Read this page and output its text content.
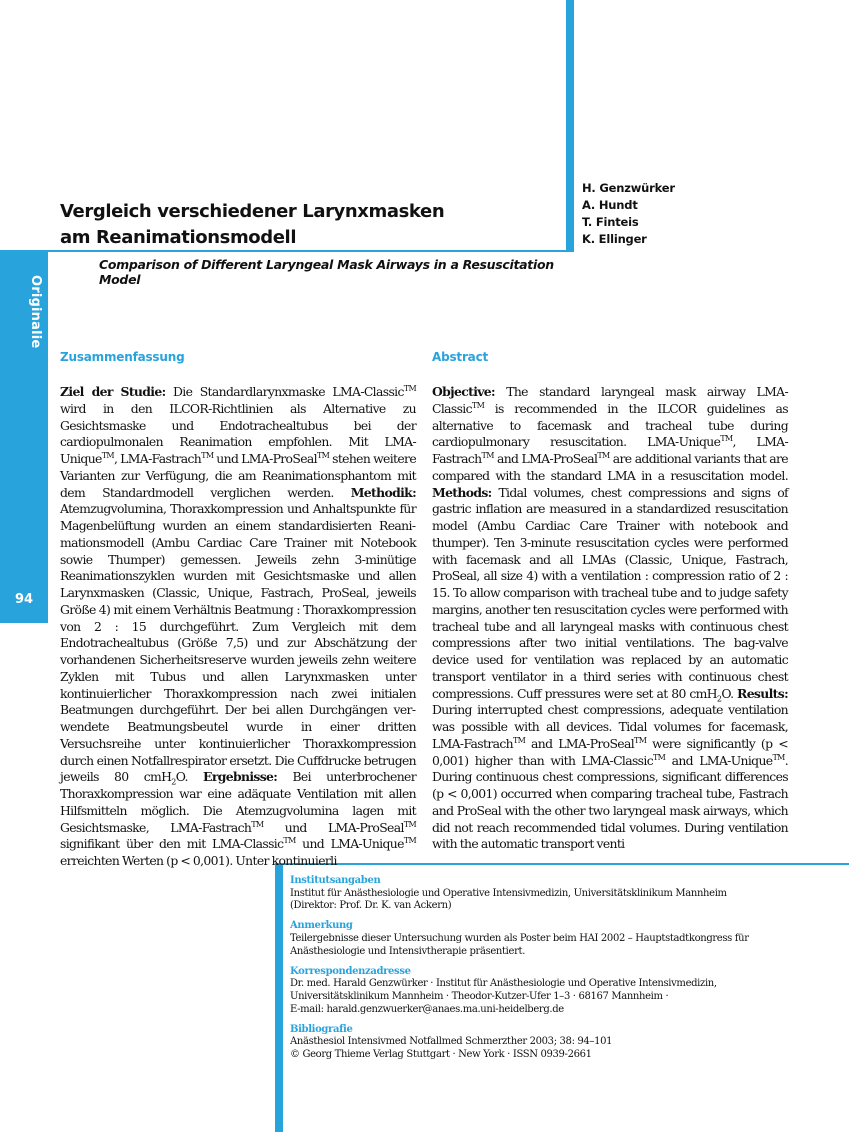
Originalie
94
Vergleich verschiedener Larynxmasken
am Reanimationsmodell
Comparison of Different Laryngeal Mask Airways in a Resuscitation Model
H. Genzwürker
A. Hundt
T. Finteis
K. Ellinger
Zusammenfassung

Ziel der Studie: Die Standardlarynxmaske LMA-Classic™ wird in den ILCOR-Richtlinien als Alternative zu Gesichtsmaske und Endotrachealtubus bei der cardiopulmonalen Reanimation empfohlen. Mit LMA-Unique™, LMA-Fastrach™ und LMA-ProSeal™ stehen weitere Varianten zur Verfügung, die am Reanimationsphantom mit dem Standardmodell verglichen werden. Methodik: Atemzugvolumina, Thoraxkompression und Anhaltspunkte für Magenbelüftung wurden an einem standardisierten Reanimationsmodell (Ambu Cardiac Care Trainer mit Notebook sowie Thumper) gemessen. Jeweils zehn 3-minütige Reanimationszyklen wurden mit Gesichtsmaske und allen Larynxmasken (Classic, Unique, Fastrach, ProSeal, jeweils Größe 4) mit einem Verhältnis Beatmung : Thoraxkompression von 2 : 15 durchgeführt. Zum Vergleich mit dem Endotrachealtubus (Größe 7,5) und zur Abschätzung der vorhandenen Sicherheitsreserve wurden jeweils zehn weitere Zyklen mit Tubus und allen Larynxmasken unter kontinuierlicher Thoraxkompression nach zwei initialen Beatmungen durchgeführt. Der bei allen Durchgängen verwendete Beatmungsbeutel wurde in einer dritten Versuchsreihe unter kontinuierlicher Thoraxkompression durch einen Notfallrespirator ersetzt. Die Cuffdrucke betrugen jeweils 80 cmH$_2$O. Ergebnisse: Bei unterbrochener Thoraxkompression war eine adäquate Ventilation mit allen Hilfsmitteln möglich. Die Atemzugvolumina lagen mit Gesichtsmaske, LMA-Fastrach™ und LMA-ProSeal™ signifikant über den mit LMA-Classic™ und LMA-Unique™ erreichten Werten (p < 0,001). Unter kontinuierli

Abstract

Objective: The standard laryngeal mask airway LMA-Classic™ is recommended in the ILCOR guidelines as alternative to facemask and tracheal tube during cardiopulmonary resuscitation. LMA-Unique™, LMA-Fastrach™ and LMA-ProSeal™ are additional variants that are compared with the standard LMA in a resuscitation model. Methods: Tidal volumes, chest compressions and signs of gastric inflation are measured in a standardized resuscitation model (Ambu Cardiac Care Trainer with notebook and thumper). Ten 3-minute resuscitation cycles were performed with facemask and all LMAs (Classic, Unique, Fastrach, ProSeal, all size 4) with a ventilation : compression ratio of 2 : 15. To allow comparison with tracheal tube and to judge safety margins, another ten resuscitation cycles were performed with tracheal tube and all laryngeal masks with continuous chest compressions after two initial ventilations. The bag-valve device used for ventilation was replaced by an automatic transport ventilator in a third series with continuous chest compressions. Cuff pressures were set at 80 cmH$_2$O. Results: During interrupted chest compressions, adequate ventilation was possible with all devices. Tidal volumes for facemask, LMA-Fastrach™ and LMA-ProSeal™ were significantly (p < 0,001) higher than with LMA-Classic™ and LMA-Unique™. During continuous chest compressions, significant differences (p < 0,001) occurred when comparing tracheal tube, Fastrach and ProSeal with the other two laryngeal mask airways, which did not reach recommended tidal volumes. During ventilation with the automatic transport venti

Institutsangaben
Institut für Anästhesiologie und Operative Intensivmedizin, Universitätsklinikum Mannheim
(Direktor: Prof. Dr. K. van Ackern)
Anmerkung
Teilergebnisse dieser Untersuchung wurden als Poster beim HAI 2002 – Hauptstadtkongress für
Anästhesiologie und Intensivtherapie präsentiert.
Korrespondenzadresse
Dr. med. Harald Genzwürker · Institut für Anästhesiologie und Operative Intensivmedizin,
Universitätsklinikum Mannheim · Theodor-Kutzer-Ufer 1–3 · 68167 Mannheim ·
E-mail: harald.genzwuerker@anaes.ma.uni-heidelberg.de
Bibliografie
Anästhesiol Intensivmed Notfallmed Schmerzther 2003; 38: 94–101
© Georg Thieme Verlag Stuttgart · New York · ISSN 0939-2661
